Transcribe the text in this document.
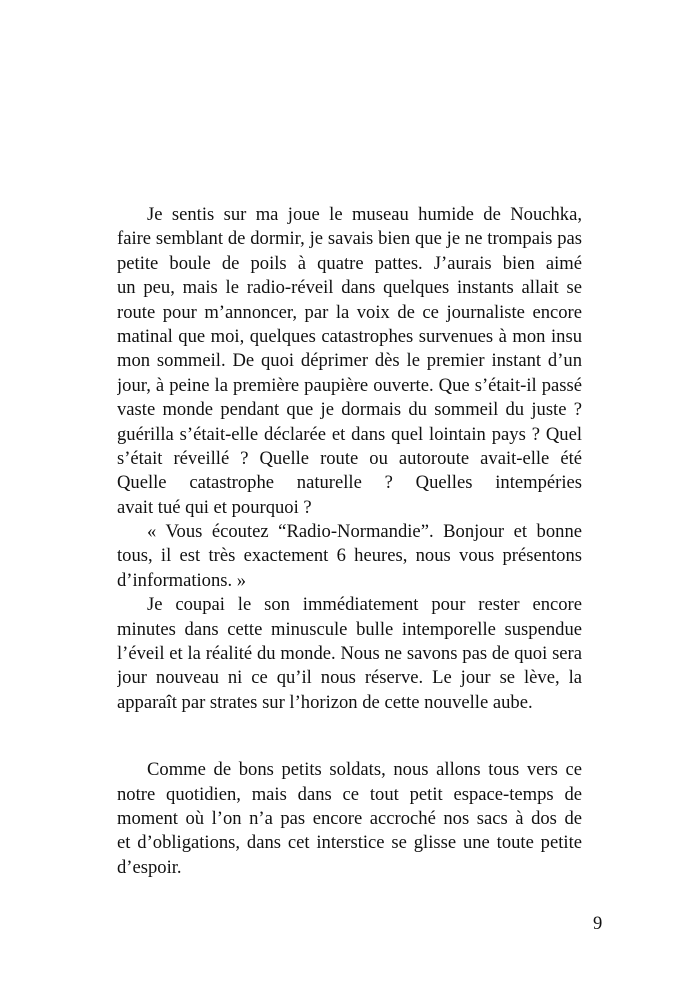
Je sentis sur ma joue le museau humide de Nouchka,
faire semblant de dormir, je savais bien que je ne trompais pas
petite boule de poils à quatre pattes. J’aurais bien aimé
un peu, mais le radio-réveil dans quelques instants allait se
route pour m’annoncer, par la voix de ce journaliste encore
matinal que moi, quelques catastrophes survenues à mon insu
mon sommeil. De quoi déprimer dès le premier instant d’un
jour, à peine la première paupière ouverte. Que s’était-il passé
vaste monde pendant que je dormais du sommeil du juste ?
guérilla s’était-elle déclarée et dans quel lointain pays ? Quel
s’était réveillé ? Quelle route ou autoroute avait-elle été
Quelle catastrophe naturelle ? Quelles intempéries
avait tué qui et pourquoi ?
« Vous écoutez “Radio-Normandie”. Bonjour et bonne
tous, il est très exactement 6 heures, nous vous présentons
d’informations. »
Je coupai le son immédiatement pour rester encore
minutes dans cette minuscule bulle intemporelle suspendue
l’éveil et la réalité du monde. Nous ne savons pas de quoi sera
jour nouveau ni ce qu’il nous réserve. Le jour se lève, la
apparaît par strates sur l’horizon de cette nouvelle aube.
Comme de bons petits soldats, nous allons tous vers ce
notre quotidien, mais dans ce tout petit espace-temps de
moment où l’on n’a pas encore accroché nos sacs à dos de
et d’obligations, dans cet interstice se glisse une toute petite
d’espoir.
9
